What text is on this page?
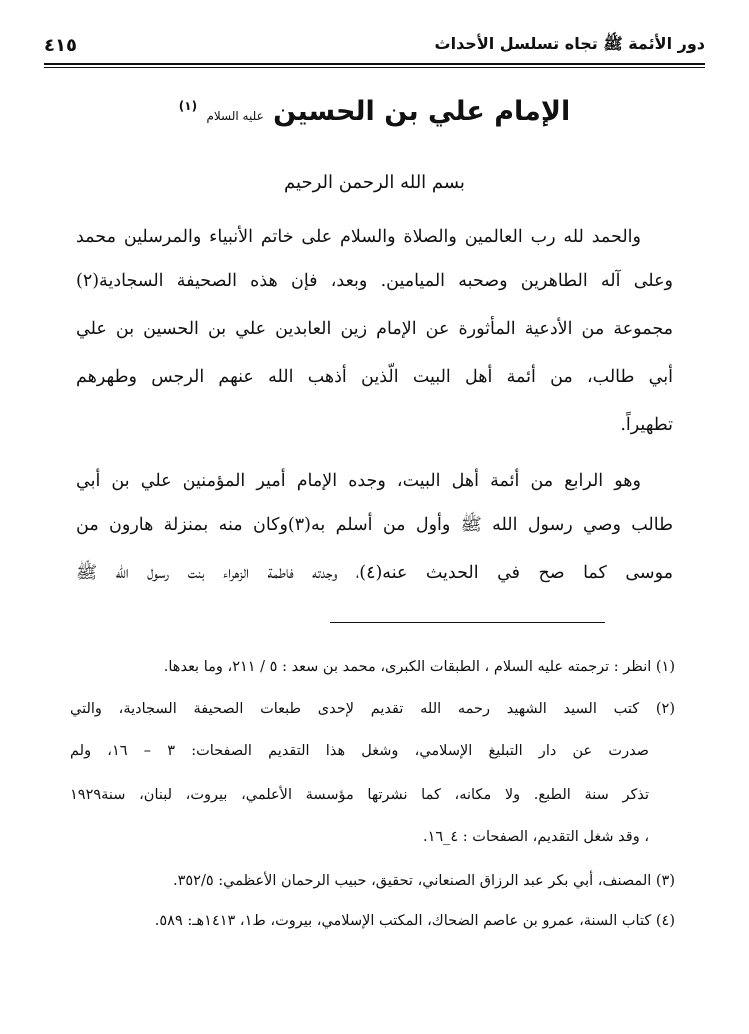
دور الأئمة ﷺ تجاه تسلسل الأحداث
٤١٥
الإمام علي بن الحسين عليه السلام $^{(١)}$
بسم الله الرحمن الرحيم
والحمد لله رب العالمين والصلاة والسلام على خاتم الأنبياء والمرسلين محمد
وعلى آله الطاهرين وصحبه الميامين. وبعد، فإن هذه الصحيفة السجادية(٢)
مجموعة من الأدعية المأثورة عن الإمام زين العابدين علي بن الحسين بن علي
أبي طالب، من أئمة أهل البيت الّذين أذهب الله عنهم الرجس وطهرهم
تطهيراً.
وهو الرابع من أئمة أهل البيت، وجده الإمام أمير المؤمنين علي بن أبي
طالب وصي رسول الله ﷺ وأول من أسلم به(٣)وكان منه بمنزلة هارون من
موسى كما صح في الحديث عنه(٤)، وجدته فاطمة الزهراء بنت رسول الله ﷺ
(١) انظر : ترجمته عليه السلام ، الطبقات الكبرى، محمد بن سعد : ٥ / ٢١١، وما بعدها.
(٢) كتب السيد الشهيد رحمه الله تقديم لإحدى طبعات الصحيفة السجادية، والتي
صدرت عن دار التبليغ الإسلامي، وشغل هذا التقديم الصفحات: ٣ – ١٦، ولم
تذكر سنة الطبع. ولا مكانه، كما نشرتها مؤسسة الأعلمي، بيروت، لبنان، سنة١٩٢٩
، وقد شغل التقديم، الصفحات : ٤_١٦.
(٣) المصنف، أبي بكر عبد الرزاق الصنعاني، تحقيق، حبيب الرحمان الأعظمي: ٣٥٢/٥.
(٤) كتاب السنة، عمرو بن عاصم الضحاك، المكتب الإسلامي، بيروت، ط١، ١٤١٣هـ: ٥٨٩.
